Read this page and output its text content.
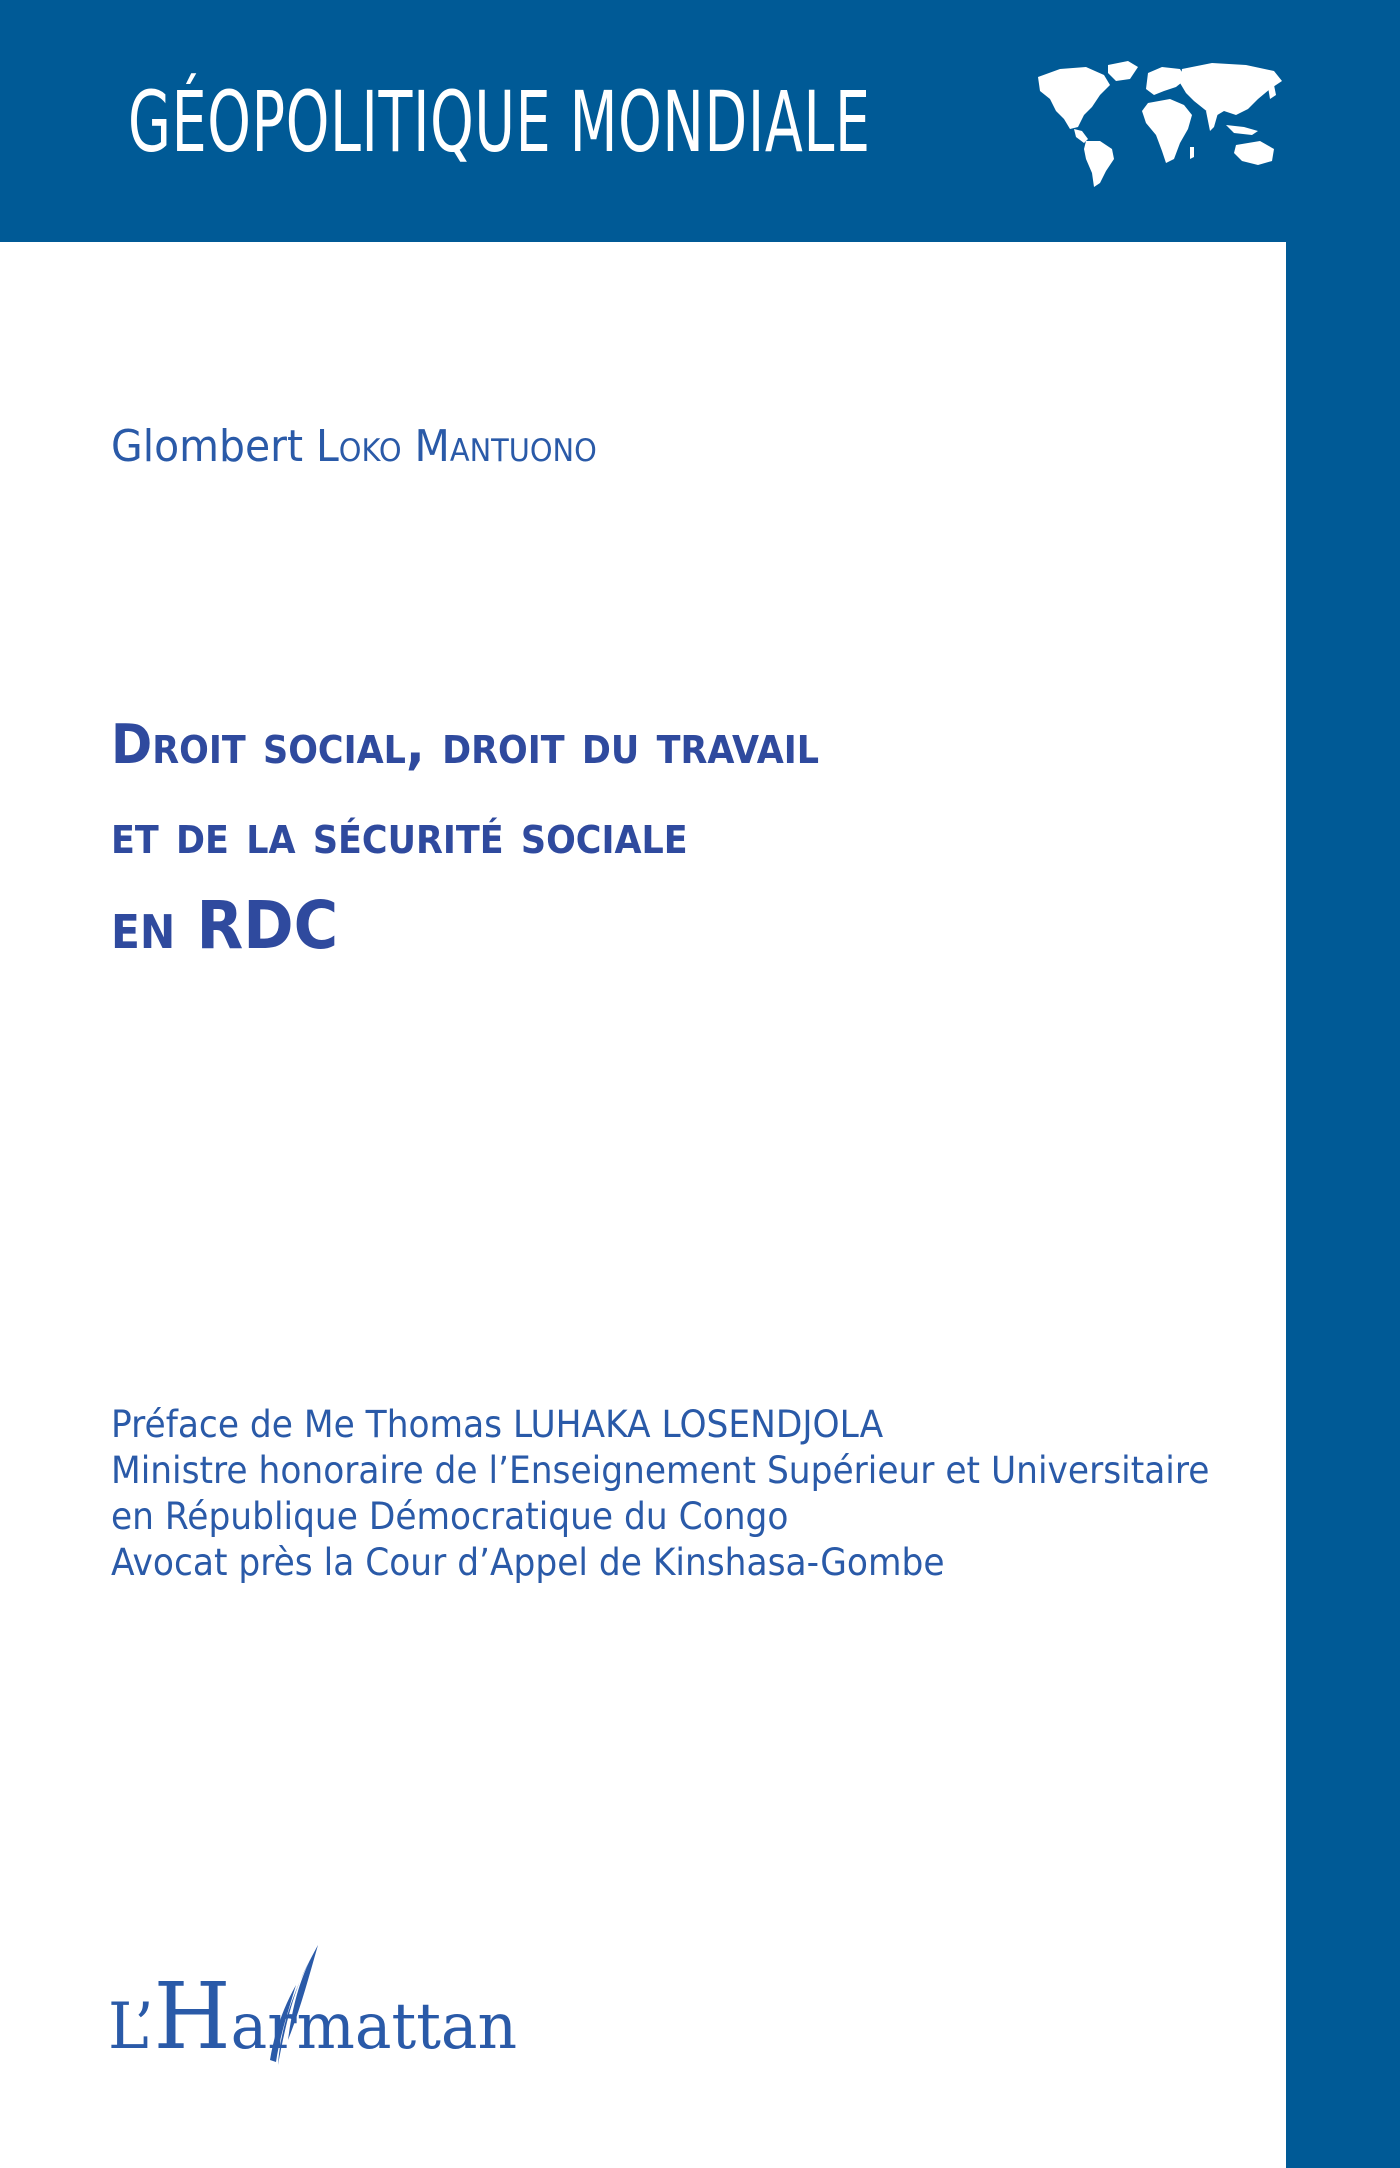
GÉOPOLITIQUE MONDIALE
Glombert Loko Mantuono
Droit social, droit du travail
et de la sécurité sociale
en RDC
Préface de Me Thomas LUHAKA LOSENDJOLA
Ministre honoraire de l’Enseignement Supérieur et Universitaire
en République Démocratique du Congo
Avocat près la Cour d’Appel de Kinshasa-Gombe
L’Harmattan
